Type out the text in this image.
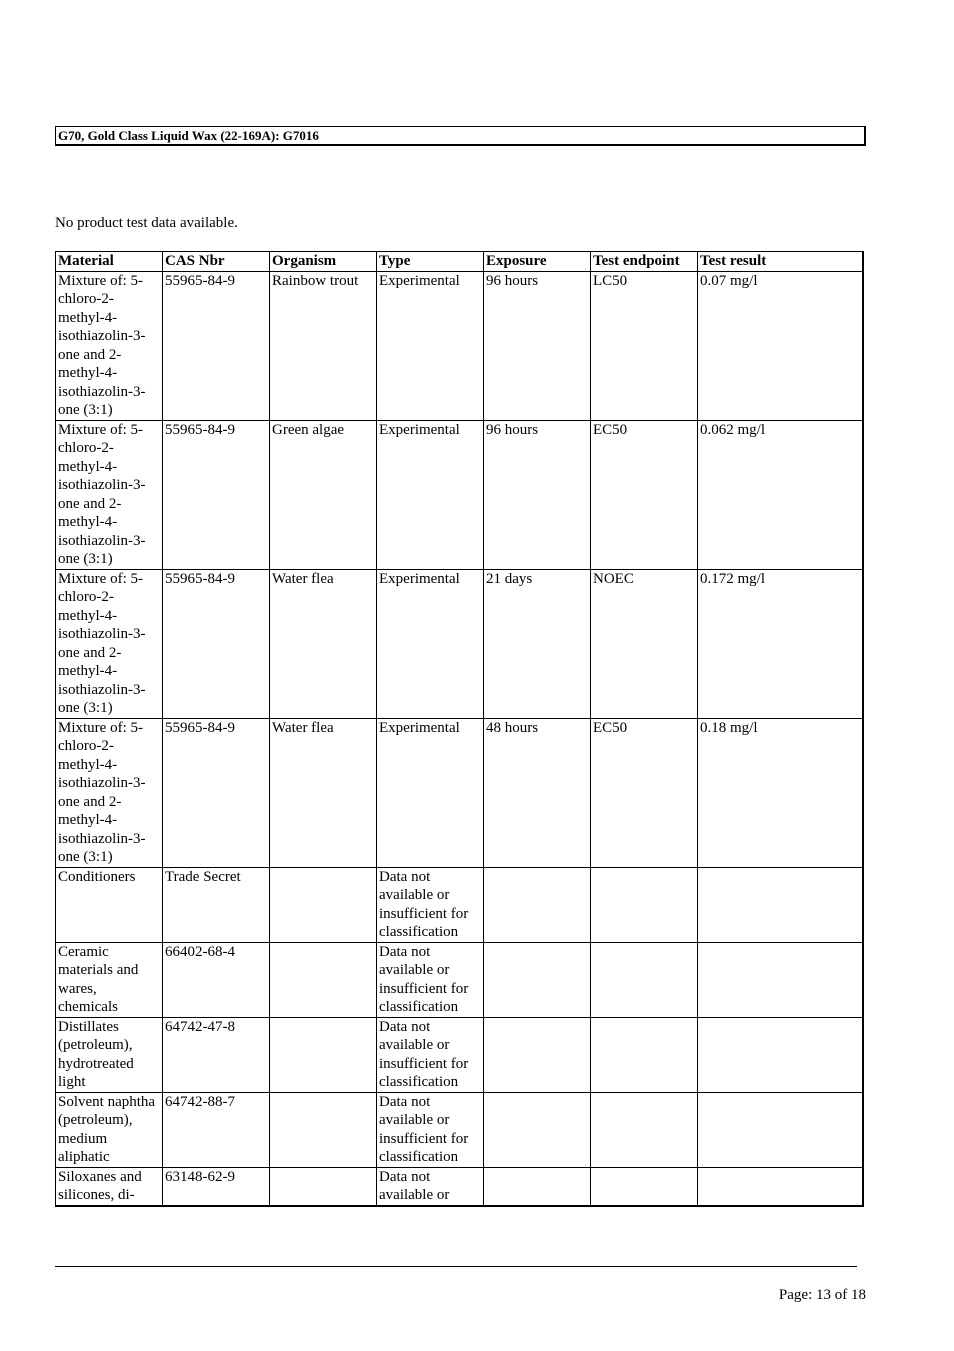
G70, Gold Class Liquid Wax (22-169A): G7016
No product test data available.
Material	CAS Nbr	Organism	Type	Exposure	Test endpoint	Test result
Mixture of: 5-chloro-2-methyl-4-isothiazolin-3-one and 2-methyl-4-isothiazolin-3-one (3:1)	55965-84-9	Rainbow trout	Experimental	96 hours	LC50	0.07 mg/l
Mixture of: 5-chloro-2-methyl-4-isothiazolin-3-one and 2-methyl-4-isothiazolin-3-one (3:1)	55965-84-9	Green algae	Experimental	96 hours	EC50	0.062 mg/l
Mixture of: 5-chloro-2-methyl-4-isothiazolin-3-one and 2-methyl-4-isothiazolin-3-one (3:1)	55965-84-9	Water flea	Experimental	21 days	NOEC	0.172 mg/l
Mixture of: 5-chloro-2-methyl-4-isothiazolin-3-one and 2-methyl-4-isothiazolin-3-one (3:1)	55965-84-9	Water flea	Experimental	48 hours	EC50	0.18 mg/l
Conditioners	Trade Secret		Data not available or insufficient for classification			
Ceramic materials and wares, chemicals	66402-68-4		Data not available or insufficient for classification			
Distillates (petroleum), hydrotreated light	64742-47-8		Data not available or insufficient for classification			
Solvent naphtha (petroleum), medium aliphatic	64742-88-7		Data not available or insufficient for classification			
Siloxanes and silicones, di-	63148-62-9		Data not available or			
Page: 13 of 18
